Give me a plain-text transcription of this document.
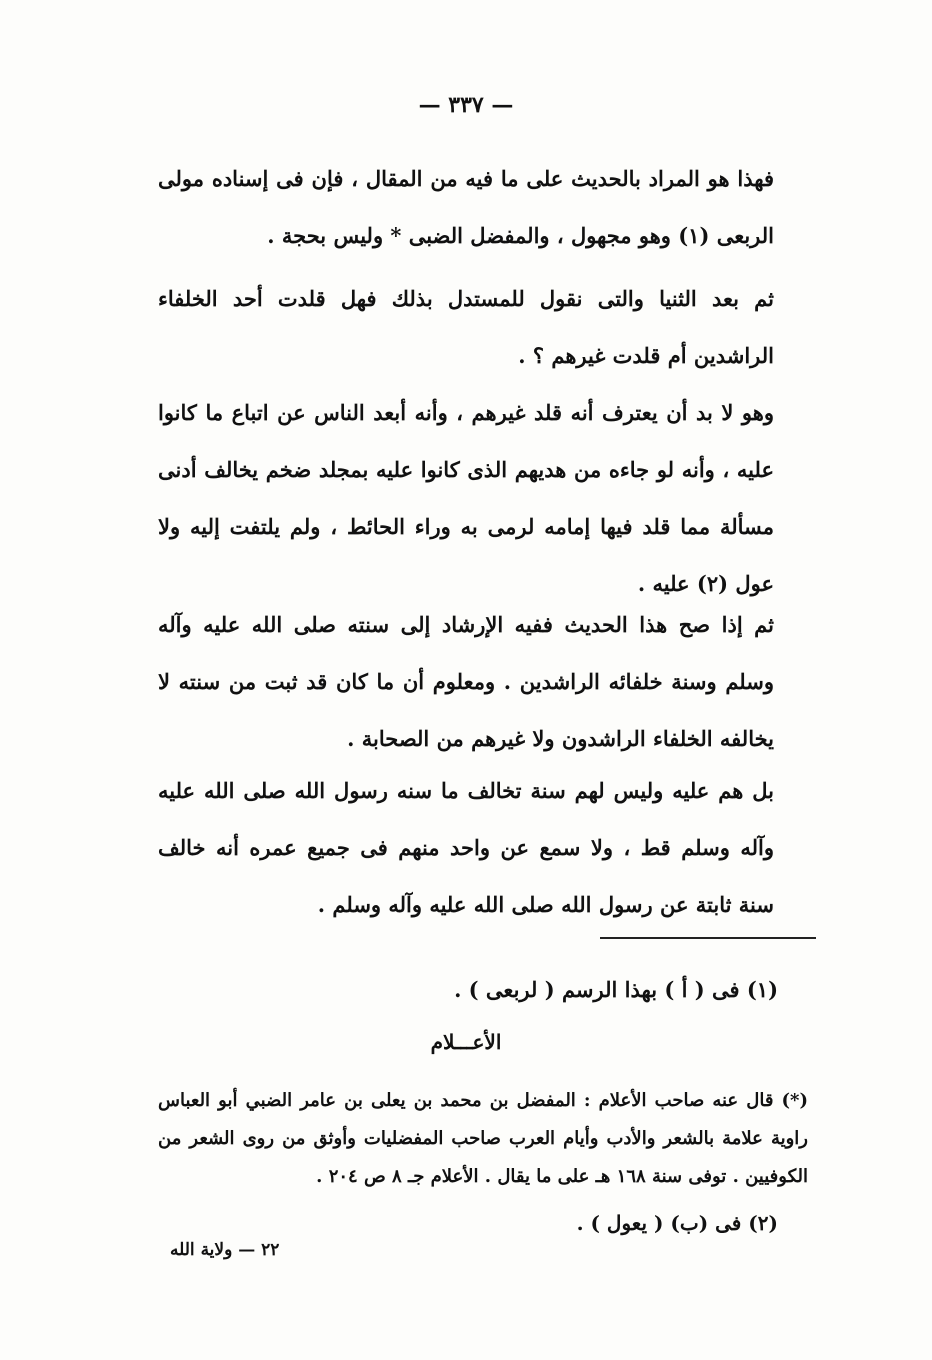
— ٣٣٧ —
فهذا هو المراد بالحديث على ما فيه من المقال ، فإن فى إسناده مولى الربعى (١) وهو مجهول ، والمفضل الضبى * وليس بحجة .
ثم بعد الثنيا والتى نقول للمستدل بذلك فهل قلدت أحد الخلفاء الراشدين أم قلدت غيرهم ؟ .
وهو لا بد أن يعترف أنه قلد غيرهم ، وأنه أبعد الناس عن اتباع ما كانوا عليه ، وأنه لو جاءه من هديهم الذى كانوا عليه بمجلد ضخم يخالف أدنى مسألة مما قلد فيها إمامه لرمى به وراء الحائط ، ولم يلتفت إليه ولا عول (٢) عليه .
ثم إذا صح هذا الحديث ففيه الإرشاد إلى سنته صلى الله عليه وآله وسلم وسنة خلفائه الراشدين . ومعلوم أن ما كان قد ثبت من سنته لا يخالفه الخلفاء الراشدون ولا غيرهم من الصحابة .
بل هم عليه وليس لهم سنة تخالف ما سنه رسول الله صلى الله عليه وآله وسلم قط ، ولا سمع عن واحد منهم فى جميع عمره أنه خالف سنة ثابتة عن رسول الله صلى الله عليه وآله وسلم .
(١) فى ( أ ) بهذا الرسم ( لربعى ) .
الأعـــلام
(*) قال عنه صاحب الأعلام : المفضل بن محمد بن يعلى بن عامر الضبي أبو العباس راوية علامة بالشعر والأدب وأيام العرب صاحب المفضليات وأوثق من روى الشعر من الكوفيين . توفى سنة ١٦٨ هـ على ما يقال . الأعلام جـ ٨ ص ٢٠٤ .
(٢) فى (ب) ( يعول ) .
٢٢ — ولاية الله
